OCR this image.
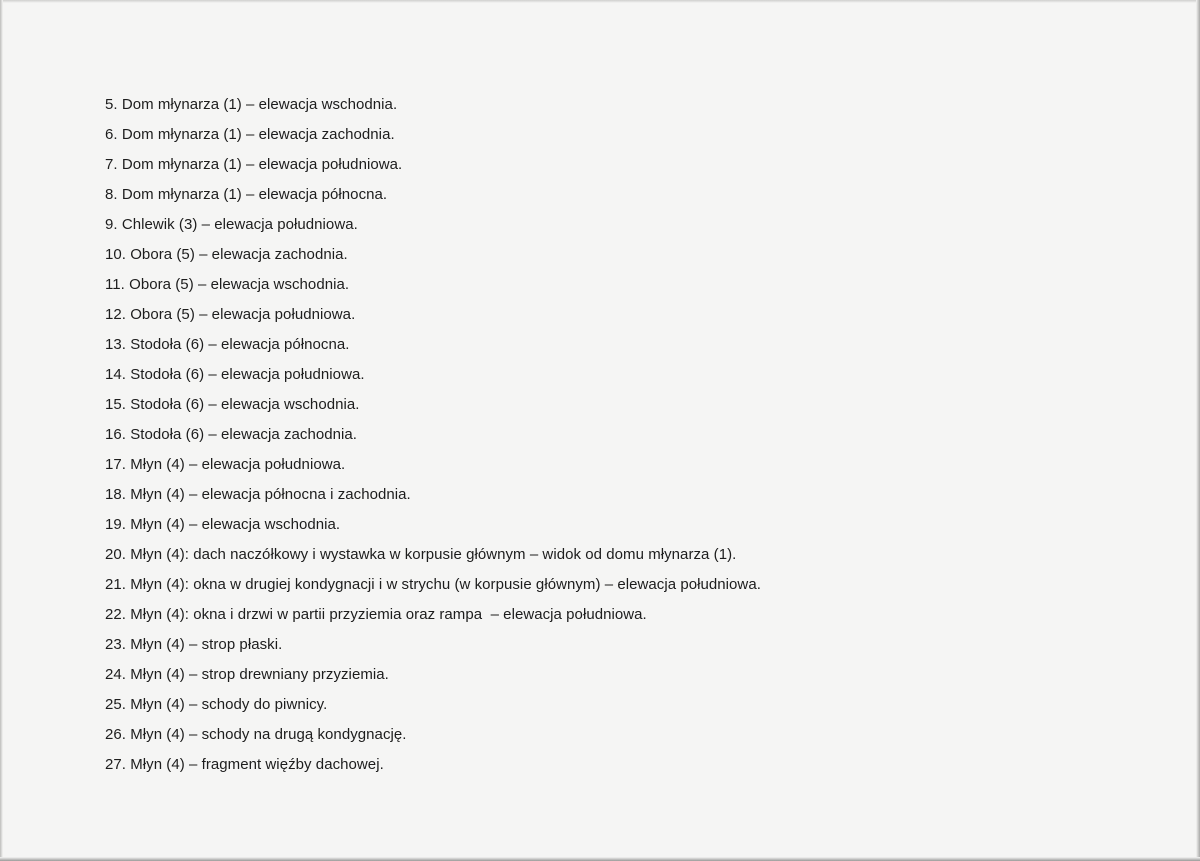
5. Dom młynarza (1) – elewacja wschodnia.
6. Dom młynarza (1) – elewacja zachodnia.
7. Dom młynarza (1) – elewacja południowa.
8. Dom młynarza (1) – elewacja północna.
9. Chlewik (3) – elewacja południowa.
10. Obora (5) – elewacja zachodnia.
11. Obora (5) – elewacja wschodnia.
12. Obora (5) – elewacja południowa.
13. Stodoła (6) – elewacja północna.
14. Stodoła (6) – elewacja południowa.
15. Stodoła (6) – elewacja wschodnia.
16. Stodoła (6) – elewacja zachodnia.
17. Młyn (4) – elewacja południowa.
18. Młyn (4) – elewacja północna i zachodnia.
19. Młyn (4) – elewacja wschodnia.
20. Młyn (4): dach naczółkowy i wystawka w korpusie głównym – widok od domu młynarza (1).
21. Młyn (4): okna w drugiej kondygnacji i w strychu (w korpusie głównym) – elewacja południowa.
22. Młyn (4): okna i drzwi w partii przyziemia oraz rampa  – elewacja południowa.
23. Młyn (4) – strop płaski.
24. Młyn (4) – strop drewniany przyziemia.
25. Młyn (4) – schody do piwnicy.
26. Młyn (4) – schody na drugą kondygnację.
27. Młyn (4) – fragment więźby dachowej.
